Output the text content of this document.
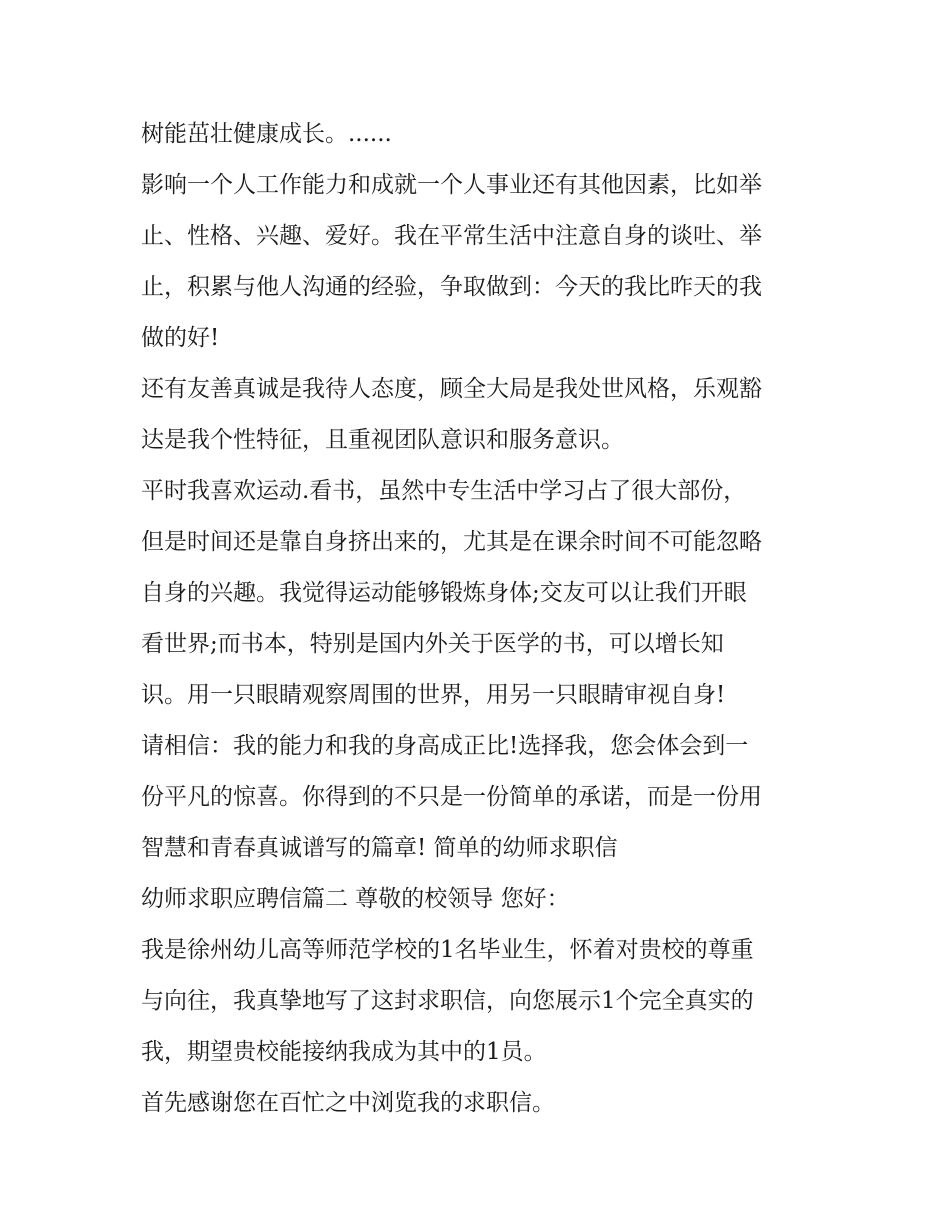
树能茁壮健康成长。......
影响一个人工作能力和成就一个人事业还有其他因素，比如举
止、性格、兴趣、爱好。我在平常生活中注意自身的谈吐、举
止，积累与他人沟通的经验，争取做到：今天的我比昨天的我
做的好!
还有友善真诚是我待人态度，顾全大局是我处世风格，乐观豁
达是我个性特征，且重视团队意识和服务意识。
平时我喜欢运动.看书，虽然中专生活中学习占了很大部份，
但是时间还是靠自身挤出来的，尤其是在课余时间不可能忽略
自身的兴趣。我觉得运动能够锻炼身体;交友可以让我们开眼
看世界;而书本，特别是国内外关于医学的书，可以增长知
识。用一只眼睛观察周围的世界，用另一只眼睛审视自身!
请相信：我的能力和我的身高成正比!选择我，您会体会到一
份平凡的惊喜。你得到的不只是一份简单的承诺，而是一份用
智慧和青春真诚谱写的篇章! 简单的幼师求职信
幼师求职应聘信篇二 尊敬的校领导 您好：
我是徐州幼儿高等师范学校的1名毕业生，怀着对贵校的尊重
与向往，我真挚地写了这封求职信，向您展示1个完全真实的
我，期望贵校能接纳我成为其中的1员。
首先感谢您在百忙之中浏览我的求职信。
